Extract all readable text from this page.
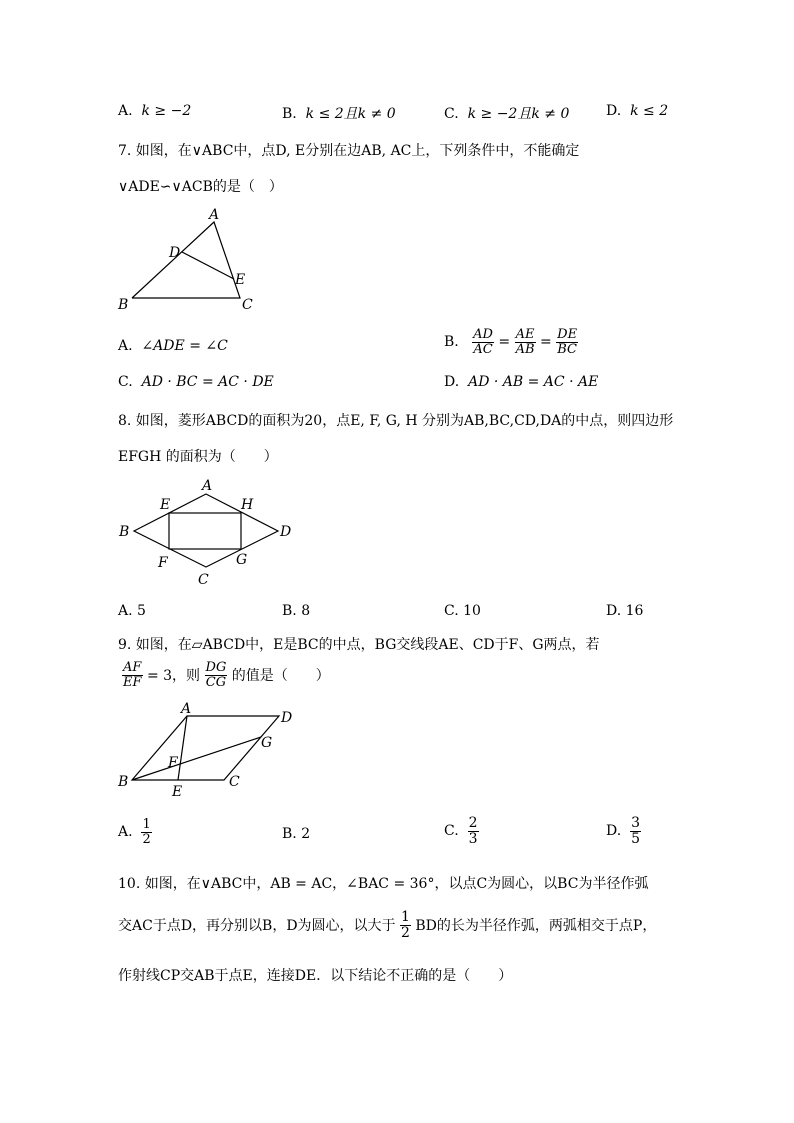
A. k ≥ −2	B. k ≤ 2且k ≠ 0	C. k ≥ −2且k ≠ 0	D. k ≤ 2
7. 如图，在∨ABC中，点D, E分别在边AB, AC上，下列条件中，不能确定
∨ADE∽∨ACB的是（　）
A
B	C
D
E
A. ∠ADE = ∠C	B. $\frac{AD}{AC} = \frac{AE}{AB} = \frac{DE}{BC}$
C. AD · BC = AC · DE	D. AD · AB = AC · AE
8. 如图，菱形ABCD的面积为20，点E, F, G, H 分别为AB,BC,CD,DA的中点，则四边形
EFGH 的面积为（　　）
A
B
C
D
E
F	G
H
A. 5	B. 8	C. 10	D. 16
9. 如图，在▱ABCD中，E是BC的中点，BG交线段AE、CD于F、G两点，若
$\frac{AF}{EF} = 3$，则 $\frac{DG}{CG}$ 的值是（　　）
A
B	C
D
E
F
G
A. $\frac{1}{2}$	B. 2	C. $\frac{2}{3}$	D. $\frac{3}{5}$
10. 如图，在∨ABC中，AB = AC，∠BAC = 36°，以点C为圆心，以BC为半径作弧
交AC于点D，再分别以B，D为圆心，以大于 $\frac{1}{2}$ BD的长为半径作弧，两弧相交于点P，
作射线CP交AB于点E，连接DE．以下结论不正确的是（　　）
